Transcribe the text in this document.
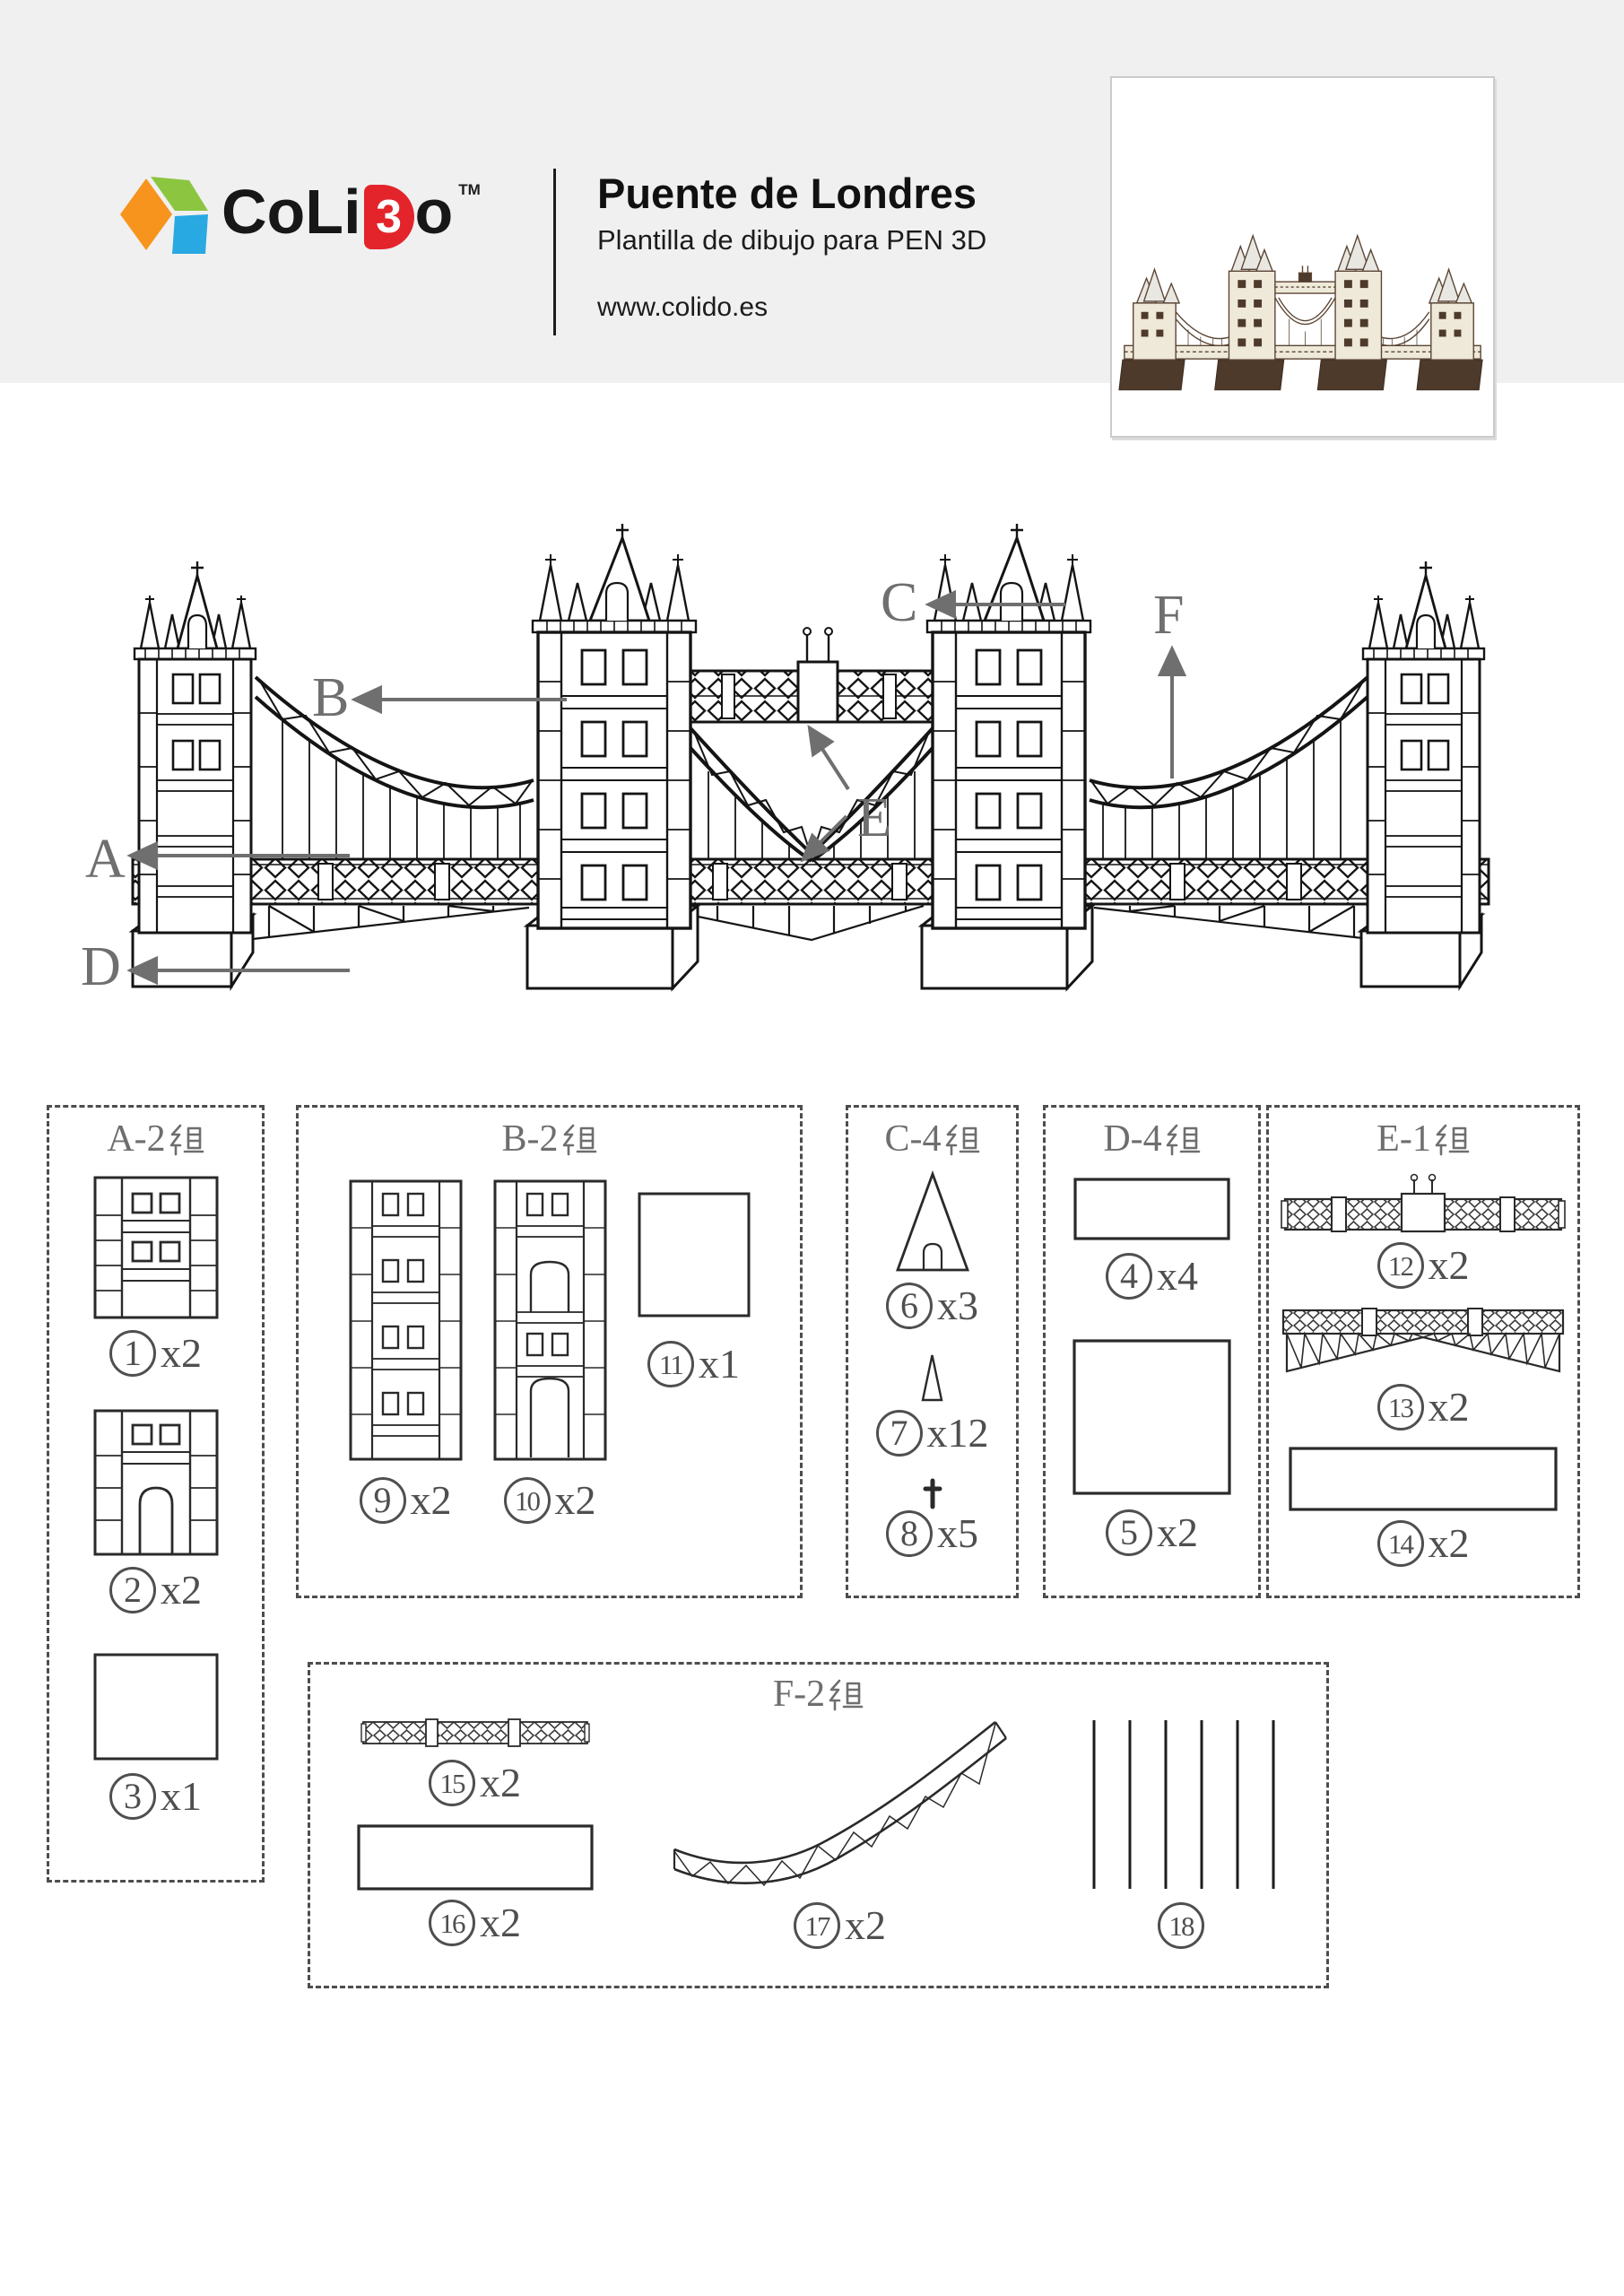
CoLi 3 o TM	Puente de Londres
Plantilla de dibujo para PEN 3D
www.colido.es
A
B
C
D
E
F
A-2
1 x2
2 x2
3 x1
B-2
9 x2	10 x2
11 x1
C-4
6 x3
7 x12
8 x5
D-4
4 x4
5 x2
E-1
12 x2
13 x2
14 x2
F-2
15 x2
16 x2	17 x2	18
